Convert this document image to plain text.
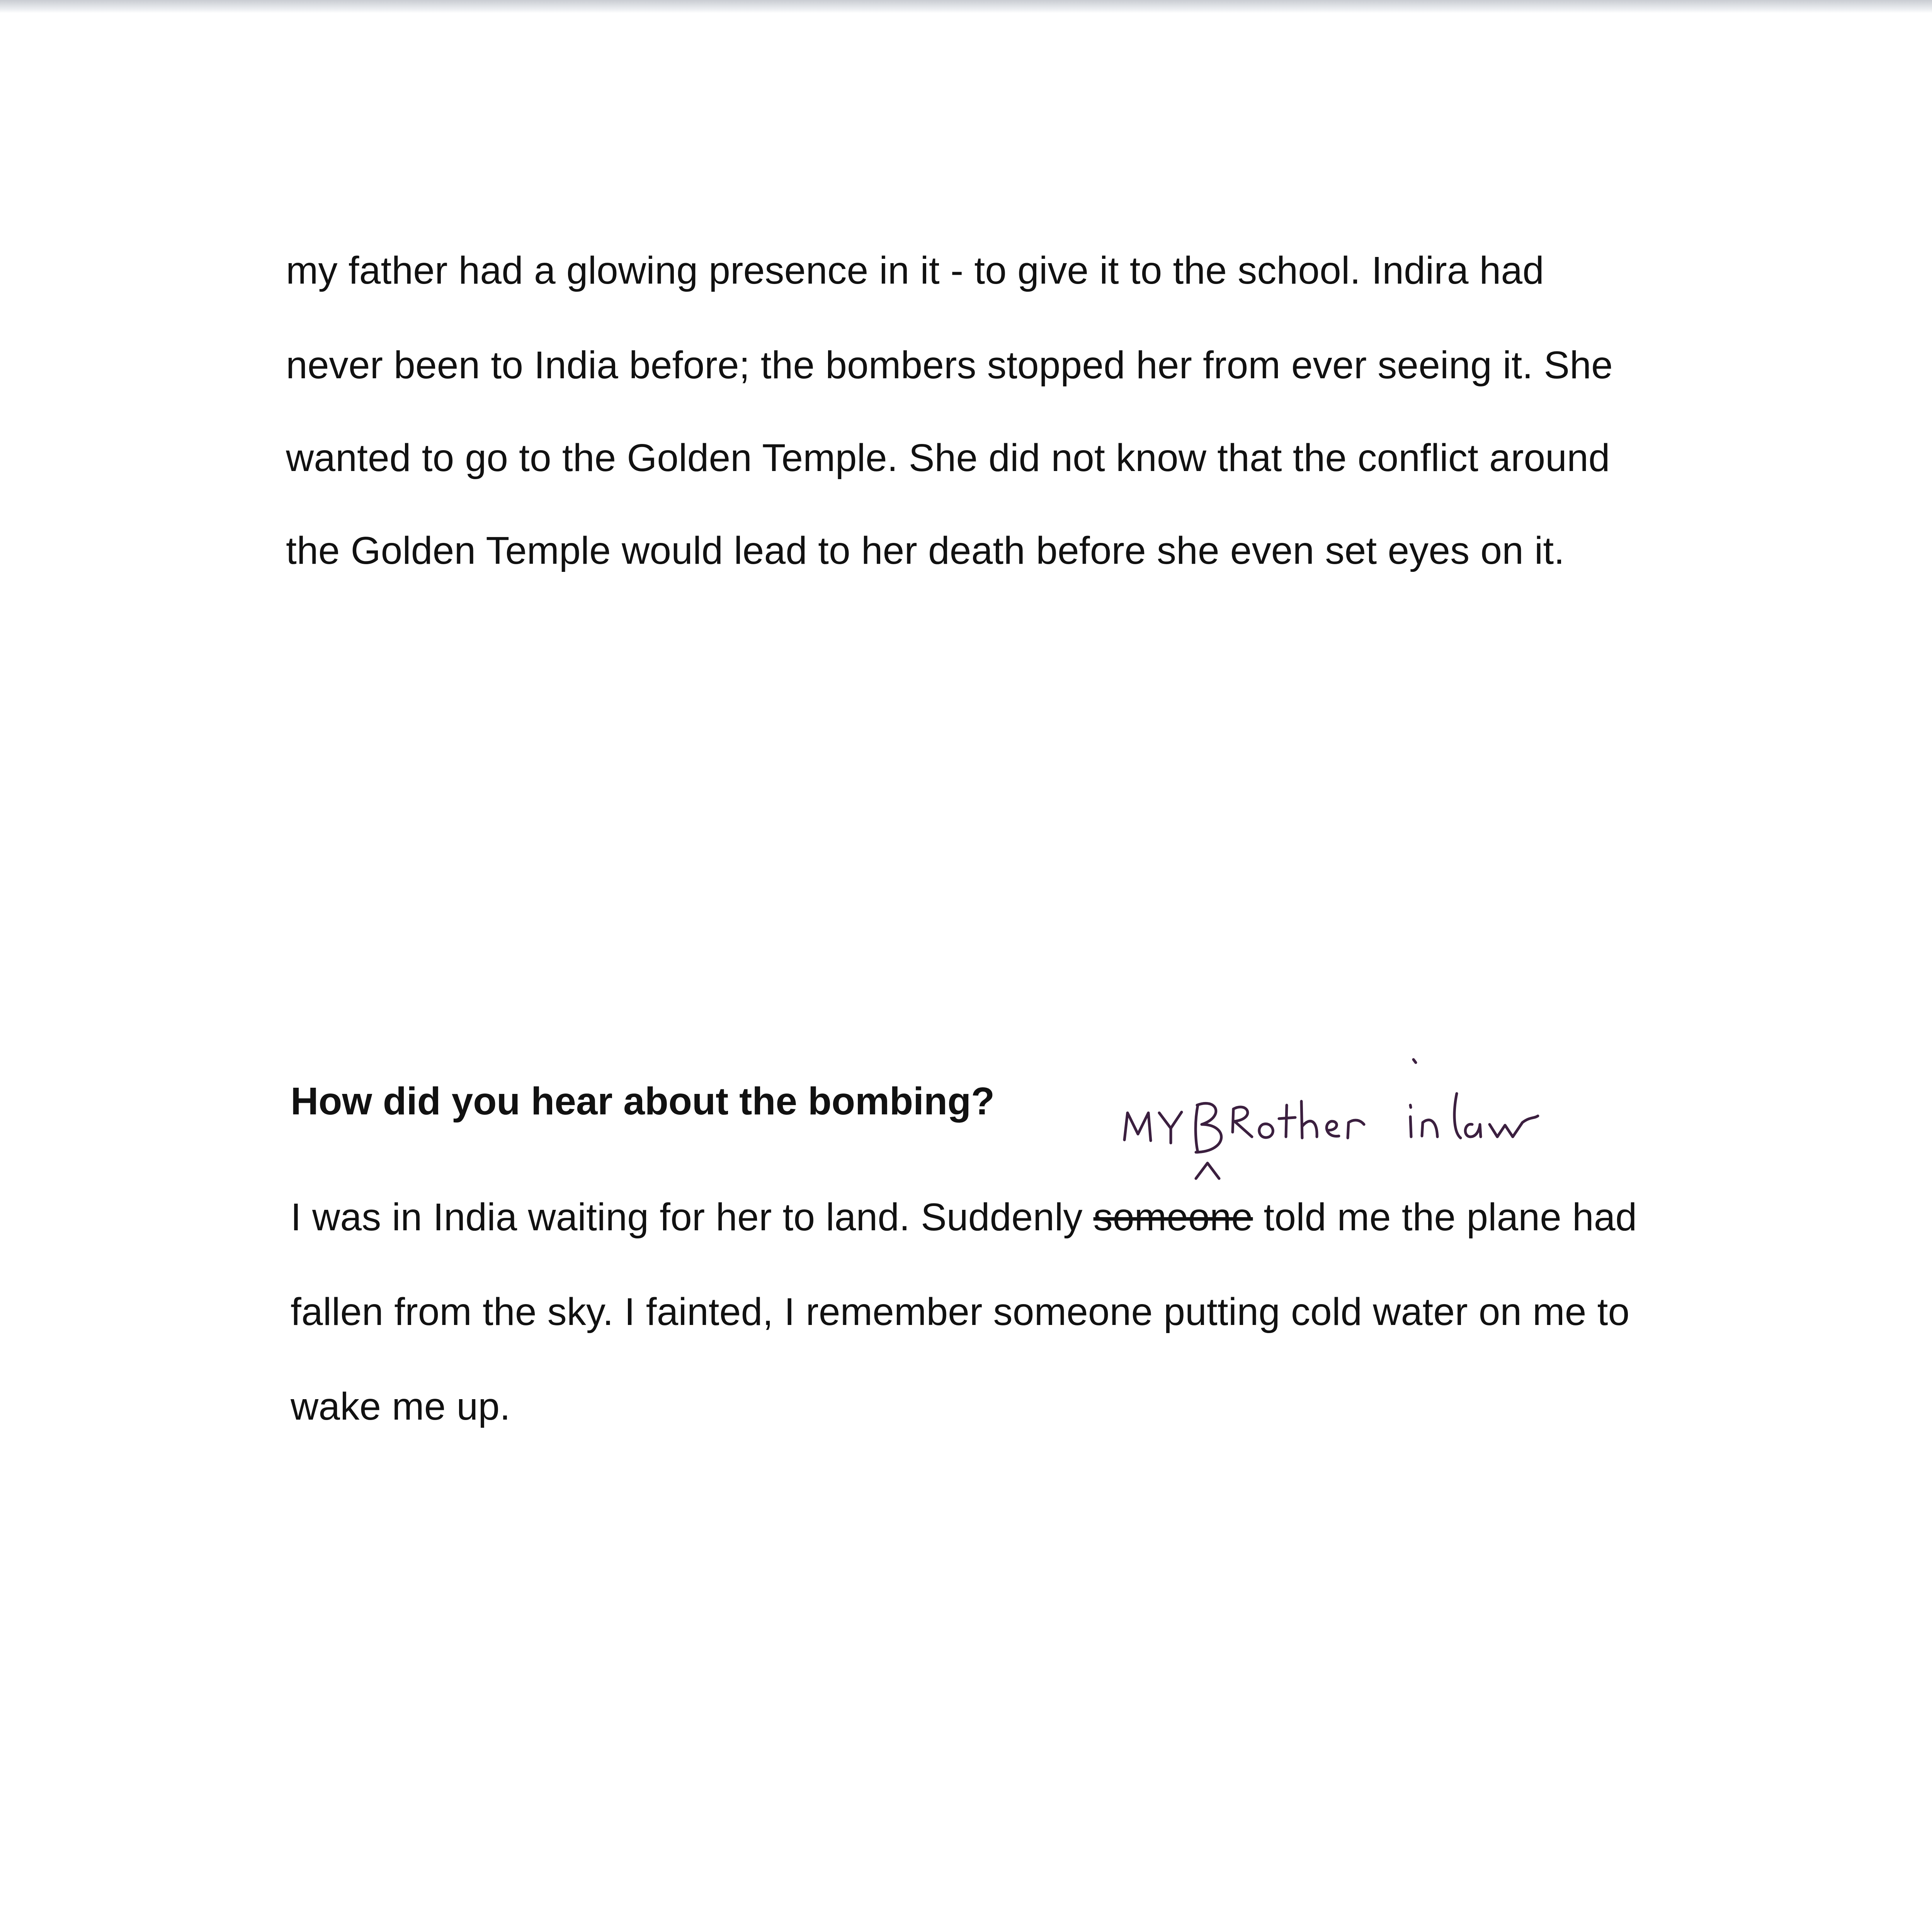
my father had a glowing presence in it - to give it to the school. Indira had

never been to India before; the bombers stopped her from ever seeing it. She

wanted to go to the Golden Temple. She did not know that the conflict around

the Golden Temple would lead to her death before she even set eyes on it.

How did you hear about the bombing?

I was in India waiting for her to land. Suddenly someone told me the plane had

fallen from the sky. I fainted, I remember someone putting cold water on me to

wake me up.
